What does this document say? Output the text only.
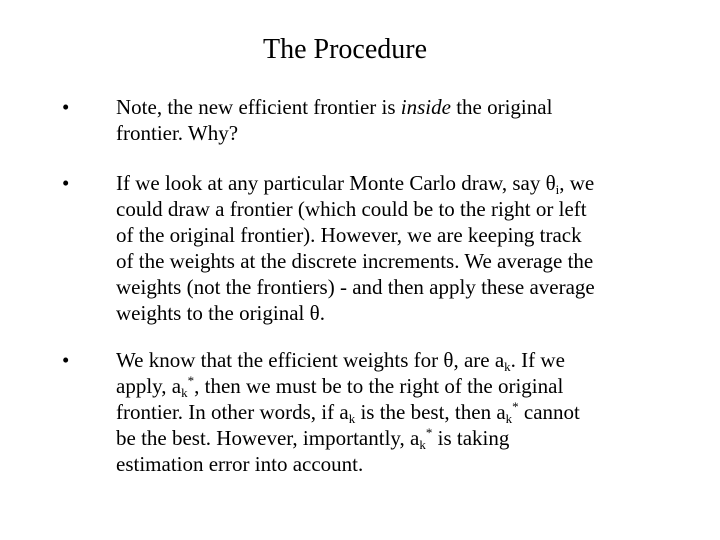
The Procedure
• Note, the new efficient frontier is inside the original
frontier. Why?
• If we look at any particular Monte Carlo draw, say $\theta_i$, we
could draw a frontier (which could be to the right or left
of the original frontier). However, we are keeping track
of the weights at the discrete increments. We average the
weights (not the frontiers) - and then apply these average
weights to the original θ.
• We know that the efficient weights for θ, are $a_k$. If we
apply, $a_k^*$, then we must be to the right of the original
frontier. In other words, if $a_k$ is the best, then $a_k^*$ cannot
be the best. However, importantly, $a_k^*$ is taking
estimation error into account.
